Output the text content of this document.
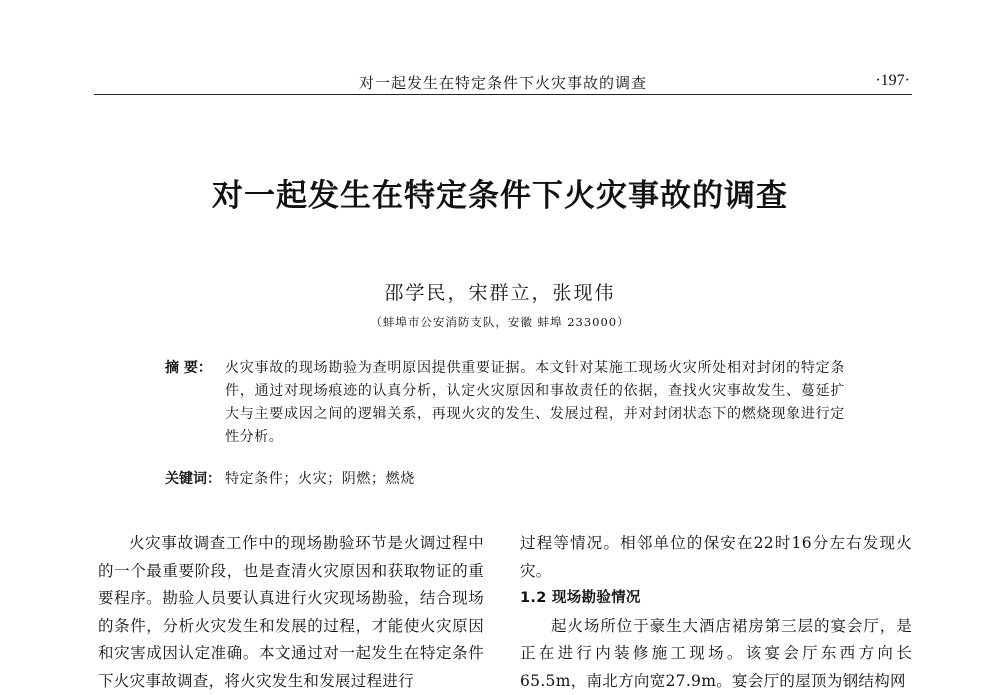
对一起发生在特定条件下火灾事故的调查	·197·
对一起发生在特定条件下火灾事故的调查
邵学民，宋群立，张现伟
（蚌埠市公安消防支队，安徽 蚌埠 233000）
摘 要： 火灾事故的现场勘验为查明原因提供重要证据。本文针对某施工现场火灾所处相对封闭的特定条件，通过对现场痕迹的认真分析，认定火灾原因和事故责任的依据，查找火灾事故发生、蔓延扩大与主要成因之间的逻辑关系，再现火灾的发生、发展过程，并对封闭状态下的燃烧现象进行定性分析。
关键词： 特定条件；火灾；阴燃；燃烧

火灾事故调查工作中的现场勘验环节是火调过程中的一个最重要阶段，也是查清火灾原因和获取物证的重要程序。勘验人员要认真进行火灾现场勘验，结合现场的条件，分析火灾发生和发展的过程，才能使火灾原因和灾害成因认定准确。本文通过对一起发生在特定条件下火灾事故调查，将火灾发生和发展过程进行

过程等情况。相邻单位的保安在22时16分左右发现火灾。

1.2 现场勘验情况

起火场所位于豪生大酒店裙房第三层的宴会厅，是正在进行内装修施工现场。该宴会厅东西方向长65.5m，南北方向宽27.9m。宴会厅的屋顶为钢结构网
